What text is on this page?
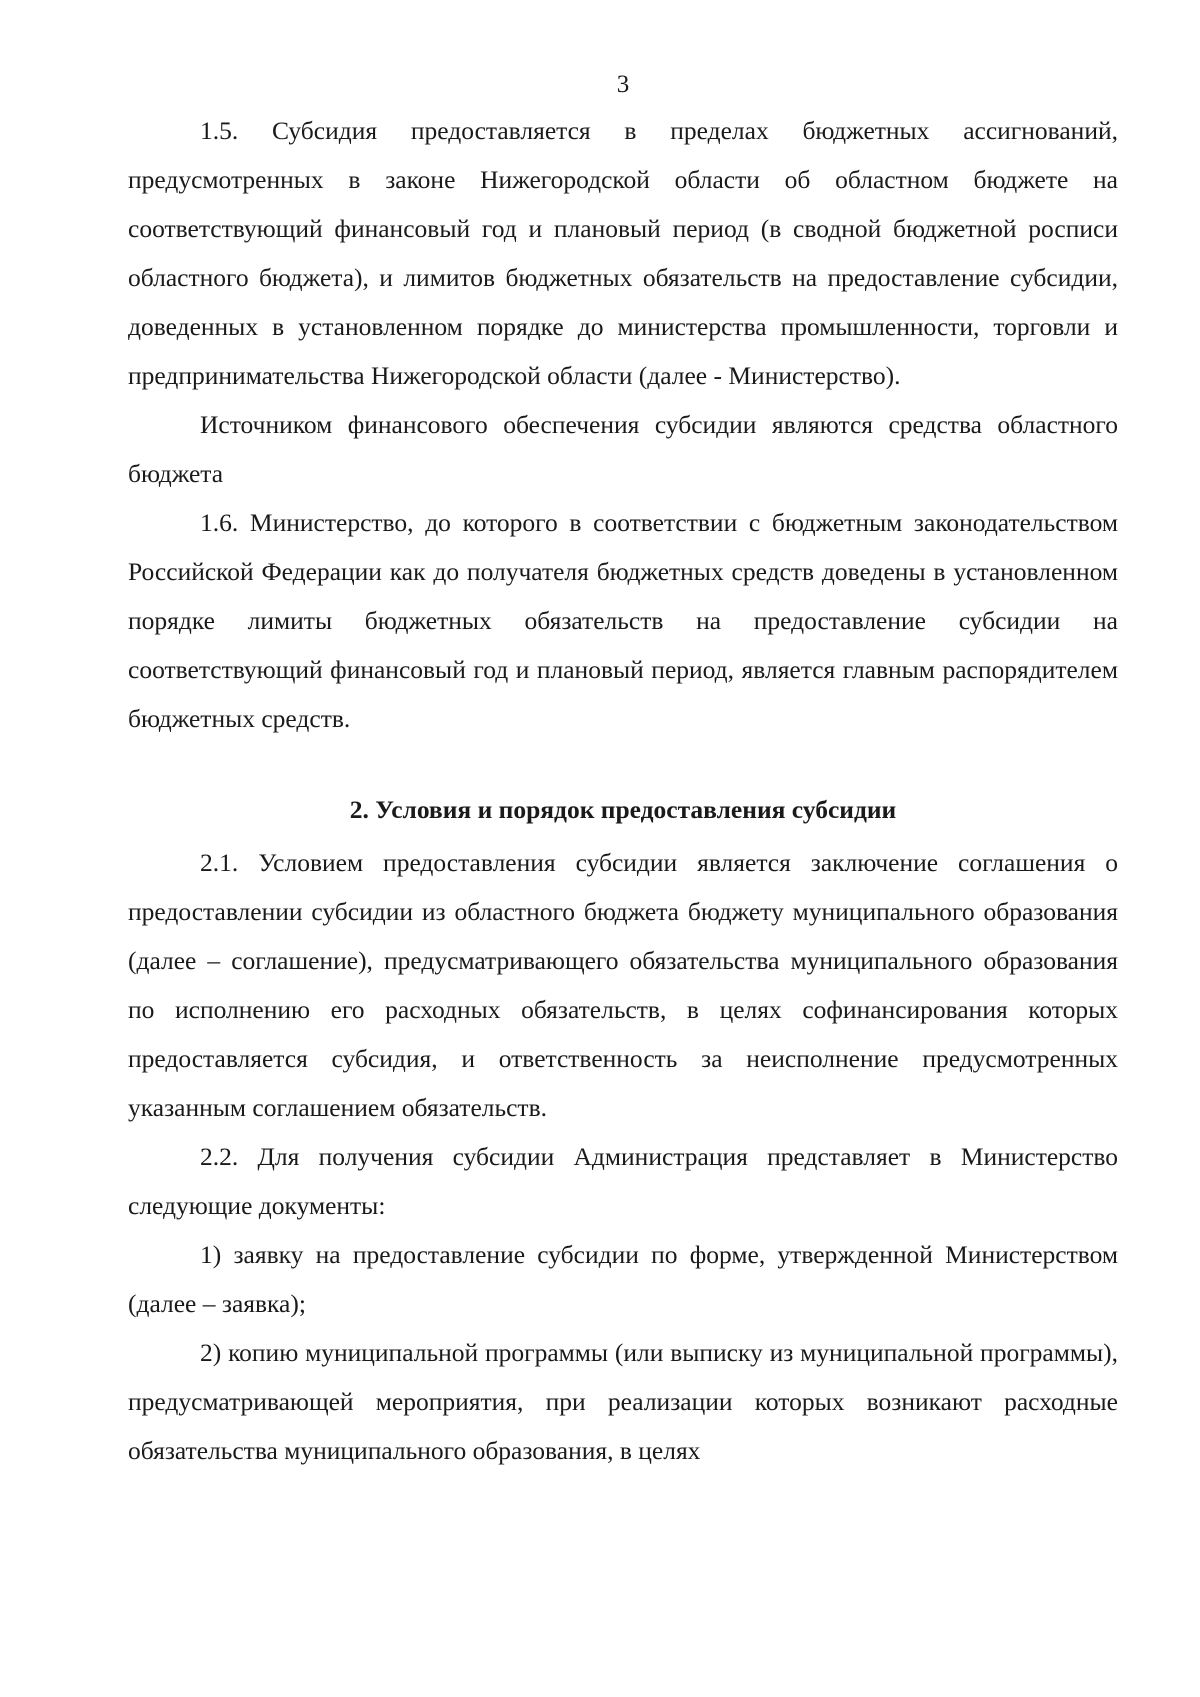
3

1.5. Субсидия предоставляется в пределах бюджетных ассигнований, предусмотренных в законе Нижегородской области об областном бюджете на соответствующий финансовый год и плановый период (в сводной бюджетной росписи областного бюджета), и лимитов бюджетных обязательств на предоставление субсидии, доведенных в установленном порядке до министерства промышленности, торговли и предпринимательства Нижегородской области (далее - Министерство).

Источником финансового обеспечения субсидии являются средства областного бюджета

1.6. Министерство, до которого в соответствии с бюджетным законодательством Российской Федерации как до получателя бюджетных средств доведены в установленном порядке лимиты бюджетных обязательств на предоставление субсидии на соответствующий финансовый год и плановый период, является главным распорядителем бюджетных средств.

2. Условия и порядок предоставления субсидии

2.1. Условием предоставления субсидии является заключение соглашения о предоставлении субсидии из областного бюджета бюджету муниципального образования (далее – соглашение), предусматривающего обязательства муниципального образования по исполнению его расходных обязательств, в целях софинансирования которых предоставляется субсидия, и ответственность за неисполнение предусмотренных указанным соглашением обязательств.

2.2. Для получения субсидии Администрация представляет в Министерство следующие документы:

1) заявку на предоставление субсидии по форме, утвержденной Министерством (далее – заявка);

2) копию муниципальной программы (или выписку из муниципальной программы), предусматривающей мероприятия, при реализации которых возникают расходные обязательства муниципального образования, в целях
